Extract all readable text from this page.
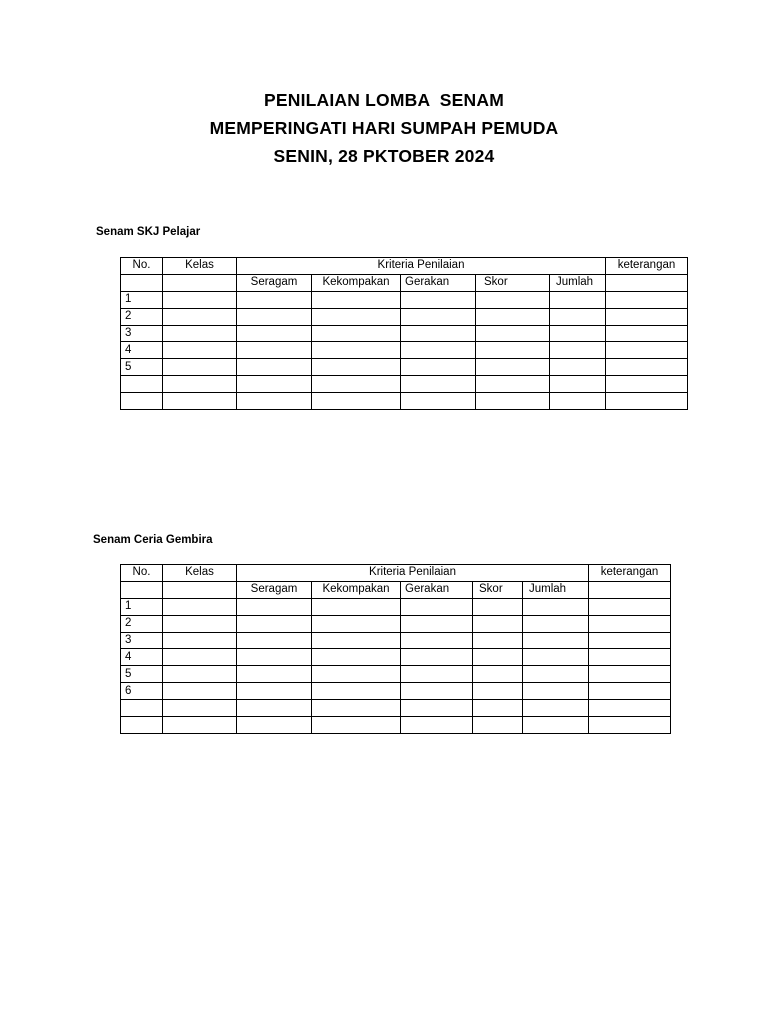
PENILAIAN LOMBA  SENAM
MEMPERINGATI HARI SUMPAH PEMUDA
SENIN, 28 PKTOBER 2024
Senam SKJ Pelajar
No.	Kelas	Kriteria Penilaian					keterangan
		Seragam	Kekompakan	Gerakan	Skor	Jumlah	
1							
2							
3							
4							
5							

Senam Ceria Gembira
No.	Kelas	Kriteria Penilaian					keterangan
		Seragam	Kekompakan	Gerakan	Skor	Jumlah	
1							
2							
3							
4							
5							
6							
